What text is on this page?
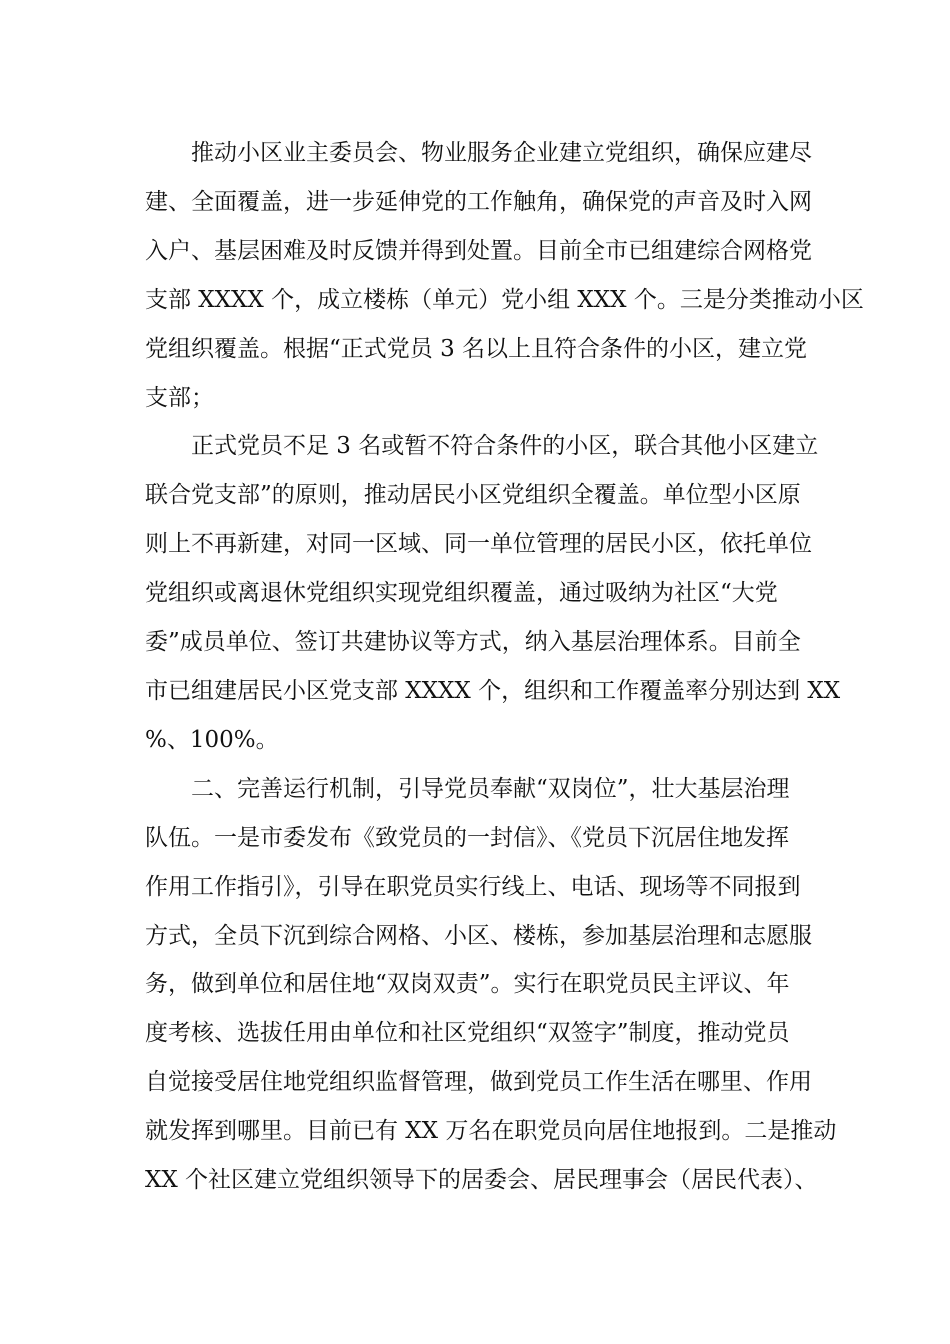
推动小区业主委员会、物业服务企业建立党组织，确保应建尽
建、全面覆盖，进一步延伸党的工作触角，确保党的声音及时入网
入户、基层困难及时反馈并得到处置。目前全市已组建综合网格党
支部 XXXX 个，成立楼栋（单元）党小组 XXX 个。三是分类推动小区
党组织覆盖。根据“正式党员 3 名以上且符合条件的小区，建立党
支部；
正式党员不足 3 名或暂不符合条件的小区，联合其他小区建立
联合党支部”的原则，推动居民小区党组织全覆盖。单位型小区原
则上不再新建，对同一区域、同一单位管理的居民小区，依托单位
党组织或离退休党组织实现党组织覆盖，通过吸纳为社区“大党
委”成员单位、签订共建协议等方式，纳入基层治理体系。目前全
市已组建居民小区党支部 XXXX 个，组织和工作覆盖率分别达到 XX
%、100%。
二、完善运行机制，引导党员奉献“双岗位”，壮大基层治理
队伍。一是市委发布《致党员的一封信》、《党员下沉居住地发挥
作用工作指引》，引导在职党员实行线上、电话、现场等不同报到
方式，全员下沉到综合网格、小区、楼栋，参加基层治理和志愿服
务，做到单位和居住地“双岗双责”。实行在职党员民主评议、年
度考核、选拔任用由单位和社区党组织“双签字”制度，推动党员
自觉接受居住地党组织监督管理，做到党员工作生活在哪里、作用
就发挥到哪里。目前已有 XX 万名在职党员向居住地报到。二是推动
XX 个社区建立党组织领导下的居委会、居民理事会（居民代表）、
